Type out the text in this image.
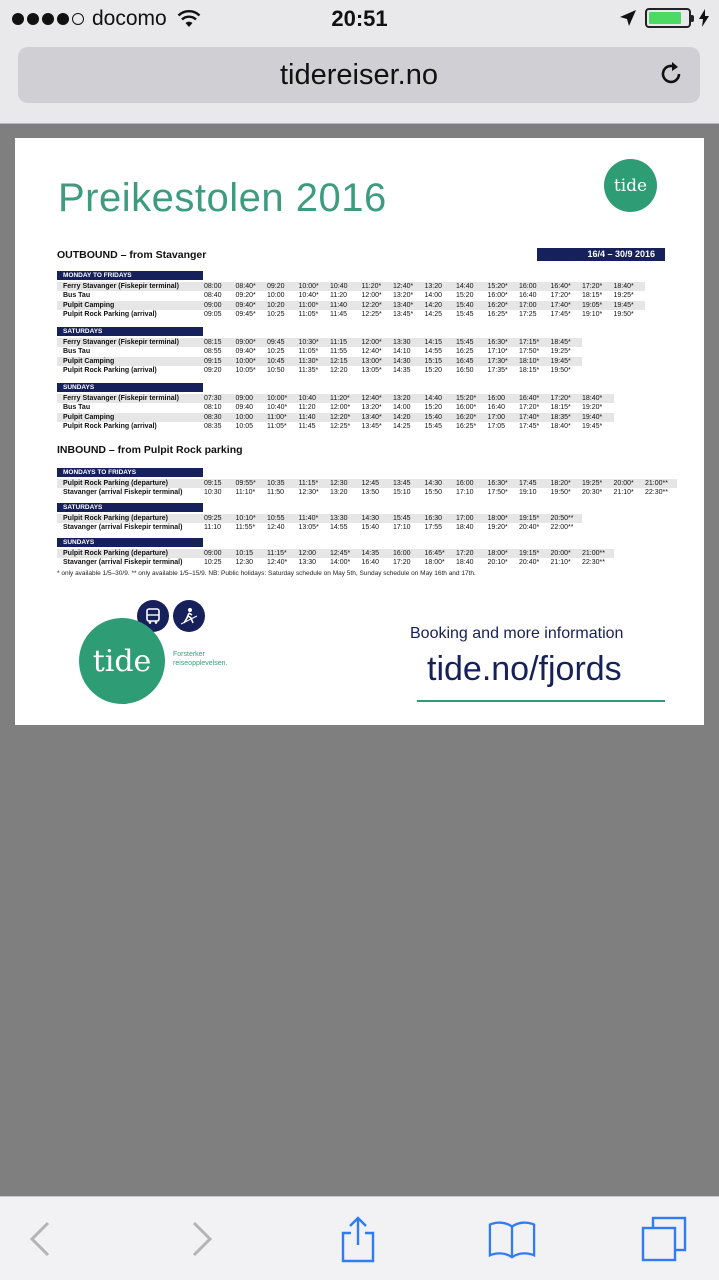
docomo	20:51
tidereiser.no
Preikestolen 2016	tide
OUTBOUND – from Stavanger	16/4 – 30/9 2016
MONDAY TO FRIDAYS
Ferry Stavanger (Fiskepir terminal)	08:00	08:40*	09:20	10:00*	10:40	11:20*	12:40*	13:20	14:40	15:20*	16:00	16:40*	17:20*	18:40*
Bus Tau	08:40	09:20*	10:00	10:40*	11:20	12:00*	13:20*	14:00	15:20	16:00*	16:40	17:20*	18:15*	19:25*
Pulpit Camping	09:00	09:40*	10:20	11:00*	11:40	12:20*	13:40*	14:20	15:40	16:20*	17:00	17:40*	19:05*	19:45*
Pulpit Rock Parking (arrival)	09:05	09:45*	10:25	11:05*	11:45	12:25*	13:45*	14:25	15:45	16:25*	17:25	17:45*	19:10*	19:50*
SATURDAYS
Ferry Stavanger (Fiskepir terminal)	08:15	09:00*	09:45	10:30*	11:15	12:00*	13:30	14:15	15:45	16:30*	17:15*	18:45*
Bus Tau	08:55	09:40*	10:25	11:05*	11:55	12:40*	14:10	14:55	16:25	17:10*	17:50*	19:25*
Pulpit Camping	09:15	10:00*	10:45	11:30*	12:15	13:00*	14:30	15:15	16:45	17:30*	18:10*	19:45*
Pulpit Rock Parking (arrival)	09:20	10:05*	10:50	11:35*	12:20	13:05*	14:35	15:20	16:50	17:35*	18:15*	19:50*
SUNDAYS
Ferry Stavanger (Fiskepir terminal)	07:30	09:00	10:00*	10:40	11:20*	12:40*	13:20	14:40	15:20*	16:00	16:40*	17:20*	18:40*
Bus Tau	08:10	09:40	10:40*	11:20	12:00*	13:20*	14:00	15:20	16:00*	16:40	17:20*	18:15*	19:20*
Pulpit Camping	08:30	10:00	11:00*	11:40	12:20*	13:40*	14:20	15:40	16:20*	17:00	17:40*	18:35*	19:40*
Pulpit Rock Parking (arrival)	08:35	10:05	11:05*	11:45	12:25*	13:45*	14:25	15:45	16:25*	17:05	17:45*	18:40*	19:45*
INBOUND – from Pulpit Rock parking
MONDAYS TO FRIDAYS
Pulpit Rock Parking (departure)	09:15	09:55*	10:35	11:15*	12:30	12:45	13:45	14:30	16:00	16:30*	17:45	18:20*	19:25*	20:00*	21:00**
Stavanger (arrival Fiskepir terminal)	10:30	11:10*	11:50	12:30*	13:20	13:50	15:10	15:50	17:10	17:50*	19:10	19:50*	20:30*	21:10*	22:30**
SATURDAYS
Pulpit Rock Parking (departure)	09:25	10:10*	10:55	11:40*	13:30	14:30	15:45	16:30	17:00	18:00*	19:15*	20:50**
Stavanger (arrival Fiskepir terminal)	11:10	11:55*	12:40	13:05*	14:55	15:40	17:10	17:55	18:40	19:20*	20:40*	22:00**
SUNDAYS
Pulpit Rock Parking (departure)	09:00	10:15	11:15*	12:00	12:45*	14:35	16:00	16:45*	17:20	18:00*	19:15*	20:00*	21:00**
Stavanger (arrival Fiskepir terminal)	10:25	12:30	12:40*	13:30	14:00*	16:40	17:20	18:00*	18:40	20:10*	20:40*	21:10*	22:30**
* only available 1/5–30/9. ** only available 1/5–15/9. NB: Public holidays: Saturday schedule on May 5th, Sunday schedule on May 16th and 17th.
tide	Forsterker reiseopplevelsen.
Booking and more information
tide.no/fjords
